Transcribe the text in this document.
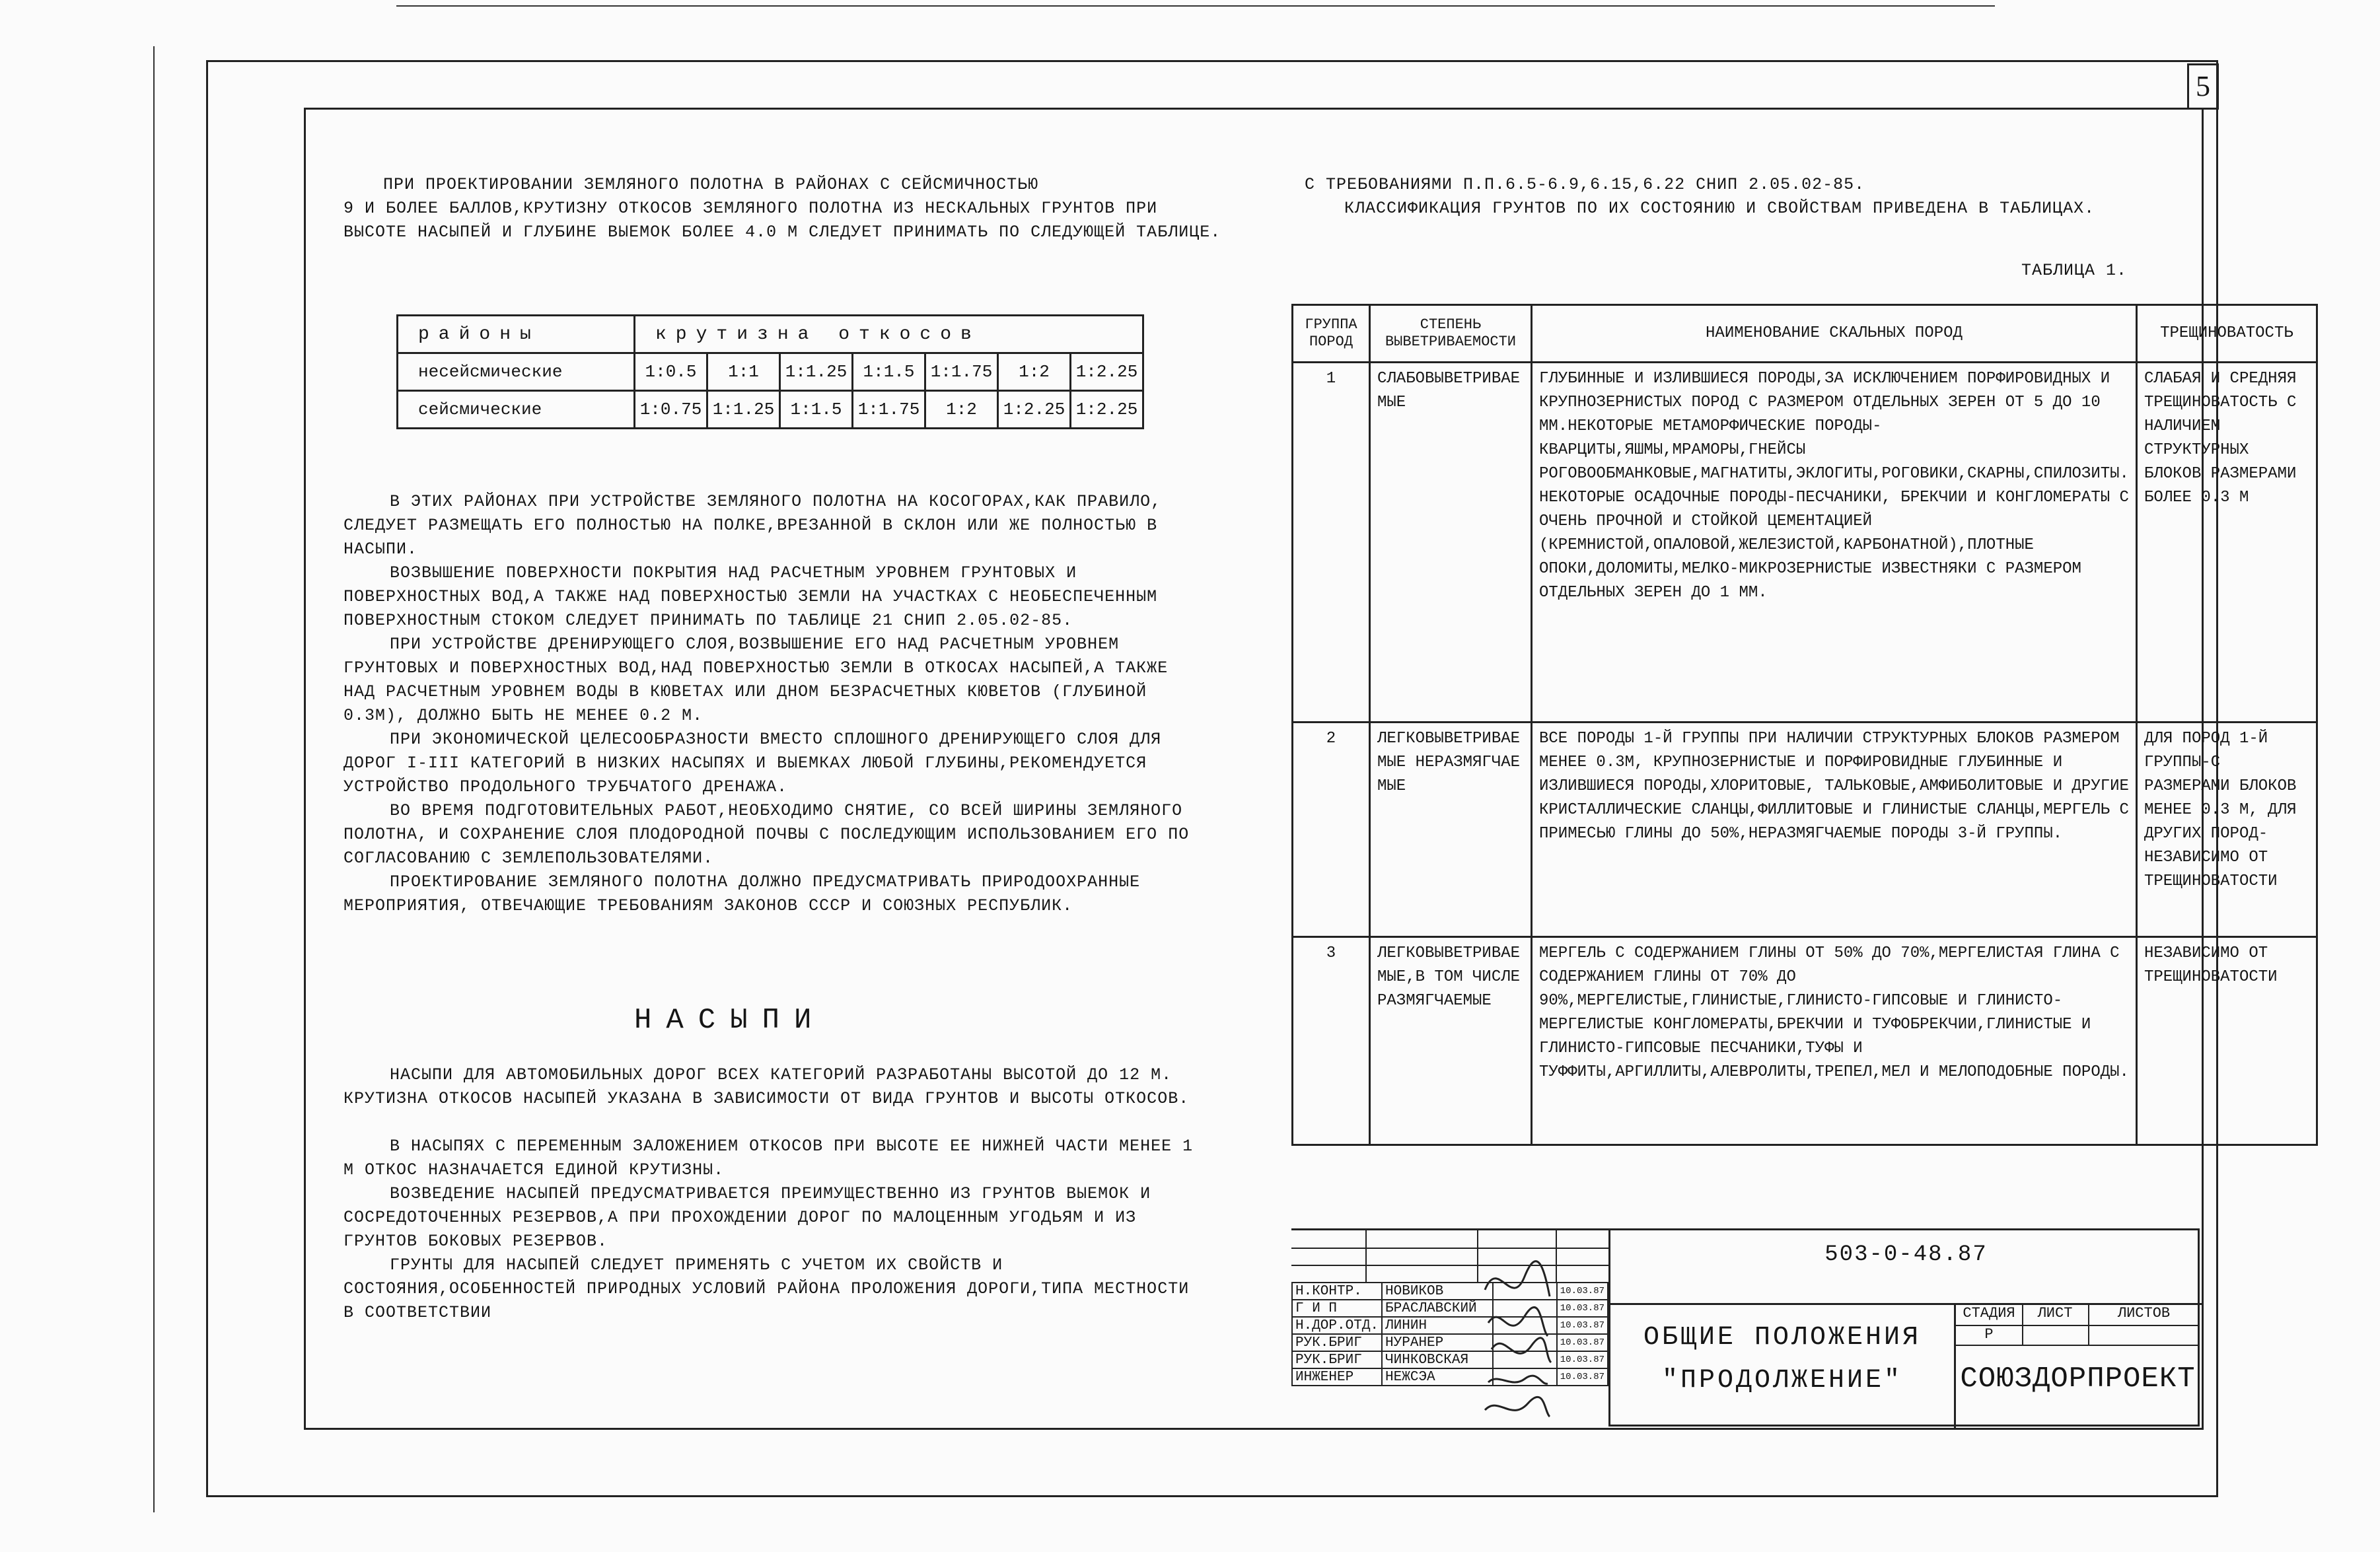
5
ПРИ ПРОЕКТИРОВАНИИ ЗЕМЛЯНОГО ПОЛОТНА В РАЙОНАХ С СЕЙСМИЧНОСТЬЮ
9 И БОЛЕЕ БАЛЛОВ,КРУТИЗНУ ОТКОСОВ ЗЕМЛЯНОГО ПОЛОТНА ИЗ НЕСКАЛЬНЫХ ГРУНТОВ ПРИ ВЫСОТЕ НАСЫПЕЙ И ГЛУБИНЕ ВЫЕМОК БОЛЕЕ 4.0 М СЛЕДУЕТ ПРИНИМАТЬ ПО СЛЕДУЮЩЕЙ ТАБЛИЦЕ.
районы	крутизна откосов						
несейсмические	1:0.5	1:1	1:1.25	1:1.5	1:1.75	1:2	1:2.25
сейсмические	1:0.75	1:1.25	1:1.5	1:1.75	1:2	1:2.25	1:2.25
В ЭТИХ РАЙОНАХ ПРИ УСТРОЙСТВЕ ЗЕМЛЯНОГО ПОЛОТНА НА КОСОГОРАХ,КАК ПРАВИЛО, СЛЕДУЕТ РАЗМЕЩАТЬ ЕГО ПОЛНОСТЬЮ НА ПОЛКЕ,ВРЕЗАННОЙ В СКЛОН ИЛИ ЖЕ ПОЛНОСТЬЮ В НАСЫПИ.
ВОЗВЫШЕНИЕ ПОВЕРХНОСТИ ПОКРЫТИЯ НАД РАСЧЕТНЫМ УРОВНЕМ ГРУНТОВЫХ И ПОВЕРХНОСТНЫХ ВОД,А ТАКЖЕ НАД ПОВЕРХНОСТЬЮ ЗЕМЛИ НА УЧАСТКАХ С НЕОБЕСПЕЧЕННЫМ ПОВЕРХНОСТНЫМ СТОКОМ СЛЕДУЕТ ПРИНИМАТЬ ПО ТАБЛИЦЕ 21 СНИП 2.05.02-85.
ПРИ УСТРОЙСТВЕ ДРЕНИРУЮЩЕГО СЛОЯ,ВОЗВЫШЕНИЕ ЕГО НАД РАСЧЕТНЫМ УРОВНЕМ ГРУНТОВЫХ И ПОВЕРХНОСТНЫХ ВОД,НАД ПОВЕРХНОСТЬЮ ЗЕМЛИ В ОТКОСАХ НАСЫПЕЙ,А ТАКЖЕ НАД РАСЧЕТНЫМ УРОВНЕМ ВОДЫ В КЮВЕТАХ ИЛИ ДНОМ БЕЗРАСЧЕТНЫХ КЮВЕТОВ (ГЛУБИНОЙ 0.3М), ДОЛЖНО БЫТЬ НЕ МЕНЕЕ 0.2 М.
ПРИ ЭКОНОМИЧЕСКОЙ ЦЕЛЕСООБРАЗНОСТИ ВМЕСТО СПЛОШНОГО ДРЕНИРУЮЩЕГО СЛОЯ ДЛЯ ДОРОГ I-III КАТЕГОРИЙ В НИЗКИХ НАСЫПЯХ И ВЫЕМКАХ ЛЮБОЙ ГЛУБИНЫ,РЕКОМЕНДУЕТСЯ УСТРОЙСТВО ПРОДОЛЬНОГО ТРУБЧАТОГО ДРЕНАЖА.
ВО ВРЕМЯ ПОДГОТОВИТЕЛЬНЫХ РАБОТ,НЕОБХОДИМО СНЯТИЕ, СО ВСЕЙ ШИРИНЫ ЗЕМЛЯНОГО ПОЛОТНА, И СОХРАНЕНИЕ СЛОЯ ПЛОДОРОДНОЙ ПОЧВЫ С ПОСЛЕДУЮЩИМ ИСПОЛЬЗОВАНИЕМ ЕГО ПО СОГЛАСОВАНИЮ С ЗЕМЛЕПОЛЬЗОВАТЕЛЯМИ.
ПРОЕКТИРОВАНИЕ ЗЕМЛЯНОГО ПОЛОТНА ДОЛЖНО ПРЕДУСМАТРИВАТЬ ПРИРОДООХРАННЫЕ МЕРОПРИЯТИЯ, ОТВЕЧАЮЩИЕ ТРЕБОВАНИЯМ ЗАКОНОВ СССР И СОЮЗНЫХ РЕСПУБЛИК.
НАСЫПИ
НАСЫПИ ДЛЯ АВТОМОБИЛЬНЫХ ДОРОГ ВСЕХ КАТЕГОРИЙ РАЗРАБОТАНЫ ВЫСОТОЙ ДО 12 М. КРУТИЗНА ОТКОСОВ НАСЫПЕЙ УКАЗАНА В ЗАВИСИМОСТИ ОТ ВИДА ГРУНТОВ И ВЫСОТЫ ОТКОСОВ.
В НАСЫПЯХ С ПЕРЕМЕННЫМ ЗАЛОЖЕНИЕМ ОТКОСОВ ПРИ ВЫСОТЕ ЕЕ НИЖНЕЙ ЧАСТИ МЕНЕЕ 1 М ОТКОС НАЗНАЧАЕТСЯ ЕДИНОЙ КРУТИЗНЫ.
ВОЗВЕДЕНИЕ НАСЫПЕЙ ПРЕДУСМАТРИВАЕТСЯ ПРЕИМУЩЕСТВЕННО ИЗ ГРУНТОВ ВЫЕМОК И СОСРЕДОТОЧЕННЫХ РЕЗЕРВОВ,А ПРИ ПРОХОЖДЕНИИ ДОРОГ ПО МАЛОЦЕННЫМ УГОДЬЯМ И ИЗ ГРУНТОВ БОКОВЫХ РЕЗЕРВОВ.
ГРУНТЫ ДЛЯ НАСЫПЕЙ СЛЕДУЕТ ПРИМЕНЯТЬ С УЧЕТОМ ИХ СВОЙСТВ И СОСТОЯНИЯ,ОСОБЕННОСТЕЙ ПРИРОДНЫХ УСЛОВИЙ РАЙОНА ПРОЛОЖЕНИЯ ДОРОГИ,ТИПА МЕСТНОСТИ В СООТВЕТСТВИИ
С ТРЕБОВАНИЯМИ П.П.6.5-6.9,6.15,6.22 СНИП 2.05.02-85.
КЛАССИФИКАЦИЯ ГРУНТОВ ПО ИХ СОСТОЯНИЮ И СВОЙСТВАМ ПРИВЕДЕНА В ТАБЛИЦАХ.
ТАБЛИЦА 1.
ГРУППА ПОРОД	СТЕПЕНЬ ВЫВЕТРИВАЕМОСТИ	НАИМЕНОВАНИЕ СКАЛЬНЫХ ПОРОД	ТРЕЩИНОВАТОСТЬ
1	СЛАБОВЫВЕТРИВАЕМЫЕ	ГЛУБИННЫЕ И ИЗЛИВШИЕСЯ ПОРОДЫ,ЗА ИСКЛЮЧЕНИЕМ ПОРФИРОВИДНЫХ И КРУПНОЗЕРНИСТЫХ ПОРОД С РАЗМЕРОМ ОТДЕЛЬНЫХ ЗЕРЕН ОТ 5 ДО 10 ММ.НЕКОТОРЫЕ МЕТАМОРФИЧЕСКИЕ ПОРОДЫ-КВАРЦИТЫ,ЯШМЫ,МРАМОРЫ,ГНЕЙСЫ РОГОВООБМАНКОВЫЕ,МАГНАТИТЫ,ЭКЛОГИТЫ,РОГОВИКИ,СКАРНЫ,СПИЛОЗИТЫ.
НЕКОТОРЫЕ ОСАДОЧНЫЕ ПОРОДЫ-ПЕСЧАНИКИ, БРЕКЧИИ И КОНГЛОМЕРАТЫ С ОЧЕНЬ ПРОЧНОЙ И СТОЙКОЙ ЦЕМЕНТАЦИЕЙ (КРЕМНИСТОЙ,ОПАЛОВОЙ,ЖЕЛЕЗИСТОЙ,КАРБОНАТНОЙ),ПЛОТНЫЕ ОПОКИ,ДОЛОМИТЫ,МЕЛКО-МИКРОЗЕРНИСТЫЕ ИЗВЕСТНЯКИ С РАЗМЕРОМ ОТДЕЛЬНЫХ ЗЕРЕН ДО 1 ММ.	СЛАБАЯ И СРЕДНЯЯ ТРЕЩИНОВАТОСТЬ С НАЛИЧИЕМ СТРУКТУРНЫХ БЛОКОВ РАЗМЕРАМИ БОЛЕЕ 0.3 М
2	ЛЕГКОВЫВЕТРИВАЕМЫЕ НЕРАЗМЯГЧАЕМЫЕ	ВСЕ ПОРОДЫ 1-Й ГРУППЫ ПРИ НАЛИЧИИ СТРУКТУРНЫХ БЛОКОВ РАЗМЕРОМ МЕНЕЕ 0.3М, КРУПНОЗЕРНИСТЫЕ И ПОРФИРОВИДНЫЕ ГЛУБИННЫЕ И ИЗЛИВШИЕСЯ ПОРОДЫ,ХЛОРИТОВЫЕ, ТАЛЬКОВЫЕ,АМФИБОЛИТОВЫЕ И ДРУГИЕ КРИСТАЛЛИЧЕСКИЕ СЛАНЦЫ,ФИЛЛИТОВЫЕ И ГЛИНИСТЫЕ СЛАНЦЫ,МЕРГЕЛЬ С ПРИМЕСЬЮ ГЛИНЫ ДО 50%,НЕРАЗМЯГЧАЕМЫЕ ПОРОДЫ 3-Й ГРУППЫ.	ДЛЯ ПОРОД 1-Й ГРУППЫ-С РАЗМЕРАМИ БЛОКОВ МЕНЕЕ 0.3 М, ДЛЯ ДРУГИХ ПОРОД-НЕЗАВИСИМО ОТ ТРЕЩИНОВАТОСТИ
3	ЛЕГКОВЫВЕТРИВАЕМЫЕ,В ТОМ ЧИСЛЕ РАЗМЯГЧАЕМЫЕ	МЕРГЕЛЬ С СОДЕРЖАНИЕМ ГЛИНЫ ОТ 50% ДО 70%,МЕРГЕЛИСТАЯ ГЛИНА С СОДЕРЖАНИЕМ ГЛИНЫ ОТ 70% ДО 90%,МЕРГЕЛИСТЫЕ,ГЛИНИСТЫЕ,ГЛИНИСТО-ГИПСОВЫЕ И ГЛИНИСТО-МЕРГЕЛИСТЫЕ КОНГЛОМЕРАТЫ,БРЕКЧИИ И ТУФОБРЕКЧИИ,ГЛИНИСТЫЕ И ГЛИНИСТО-ГИПСОВЫЕ ПЕСЧАНИКИ,ТУФЫ И ТУФФИТЫ,АРГИЛЛИТЫ,АЛЕВРОЛИТЫ,ТРЕПЕЛ,МЕЛ И МЕЛОПОДОБНЫЕ ПОРОДЫ.	НЕЗАВИСИМО ОТ ТРЕЩИНОВАТОСТИ
Н.КОНТР.	НОВИКОВ		10.03.87
Г И П	БРАСЛАВСКИЙ		10.03.87
Н.ДОР.ОТД.	ЛИНИН		10.03.87
РУК.БРИГ	НУРАНЕР		10.03.87
РУК.БРИГ	ЧИНКОВСКАЯ		10.03.87
ИНЖЕНЕР	НЕЖСЭА		10.03.87
503-0-48.87
ОБЩИЕ ПОЛОЖЕНИЯ
"ПРОДОЛЖЕНИЕ"
СТАДИЯ	ЛИСТ	ЛИСТОВ
Р
СОЮЗДОРПРОЕКТ
